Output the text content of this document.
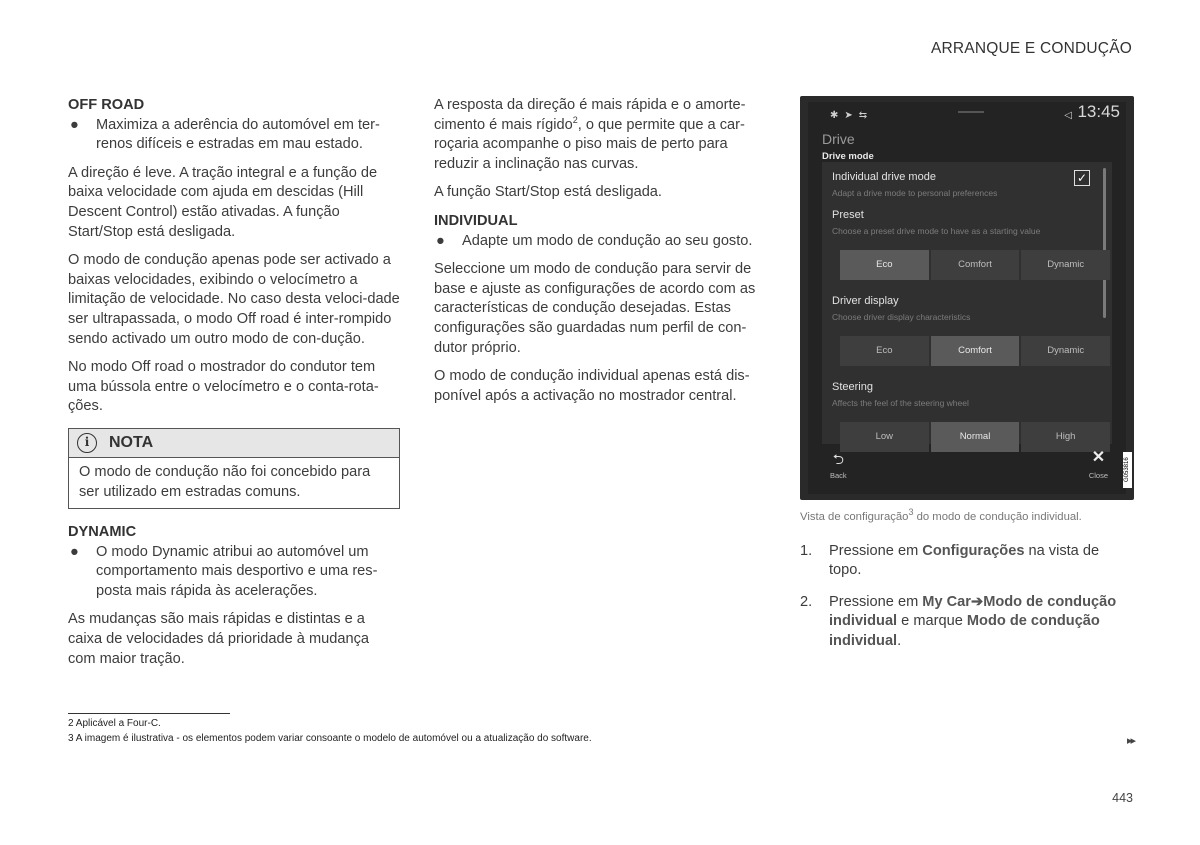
ARRANQUE E CONDUÇÃO
OFF ROAD
● Maximiza a aderência do automóvel em ter-renos difíceis e estradas em mau estado.

A direção é leve. A tração integral e a função de baixa velocidade com ajuda em descidas (Hill Descent Control) estão ativadas. A função Start/Stop está desligada.

O modo de condução apenas pode ser activado a baixas velocidades, exibindo o velocímetro a limitação de velocidade. No caso desta veloci-dade ser ultrapassada, o modo Off road é inter-rompido sendo activado um outro modo de con-dução.

No modo Off road o mostrador do condutor tem uma bússola entre o velocímetro e o conta-rota-ções.

i	NOTA
O modo de condução não foi concebido para ser utilizado em estradas comuns.
DYNAMIC
● O modo Dynamic atribui ao automóvel um comportamento mais desportivo e uma res-posta mais rápida às acelerações.

As mudanças são mais rápidas e distintas e a caixa de velocidades dá prioridade à mudança com maior tração.

A resposta da direção é mais rápida e o amorte-cimento é mais rígido$^2$, o que permite que a car-roçaria acompanhe o piso mais de perto para reduzir a inclinação nas curvas.

A função Start/Stop está desligada.

INDIVIDUAL
● Adapte um modo de condução ao seu gosto.

Seleccione um modo de condução para servir de base e ajuste as configurações de acordo com as características de condução desejadas. Estas configurações são guardadas num perfil de con-dutor próprio.

O modo de condução individual apenas está dis-ponível após a activação no mostrador central.

✱➤⇆	◁ 13:45
Drive
Drive mode
Individual drive mode
Adapt a drive mode to personal preferences
✓
Preset
Choose a preset drive mode to have as a starting value
Eco	Comfort	Dynamic
Driver display
Choose driver display characteristics
Eco	Comfort	Dynamic
Steering
Affects the feel of the steering wheel
Low	Normal	High
⮌
Back
✕
Close	G053816
Vista de configuração$^3$ do modo de condução individual.
1. Pressione em Configurações na vista de topo.
2. Pressione em My Car➔Modo de condução individual e marque Modo de condução individual.
2 Aplicável a Four-C.
3 A imagem é ilustrativa - os elementos podem variar consoante o modelo de automóvel ou a atualização do software.	▸▸
443
